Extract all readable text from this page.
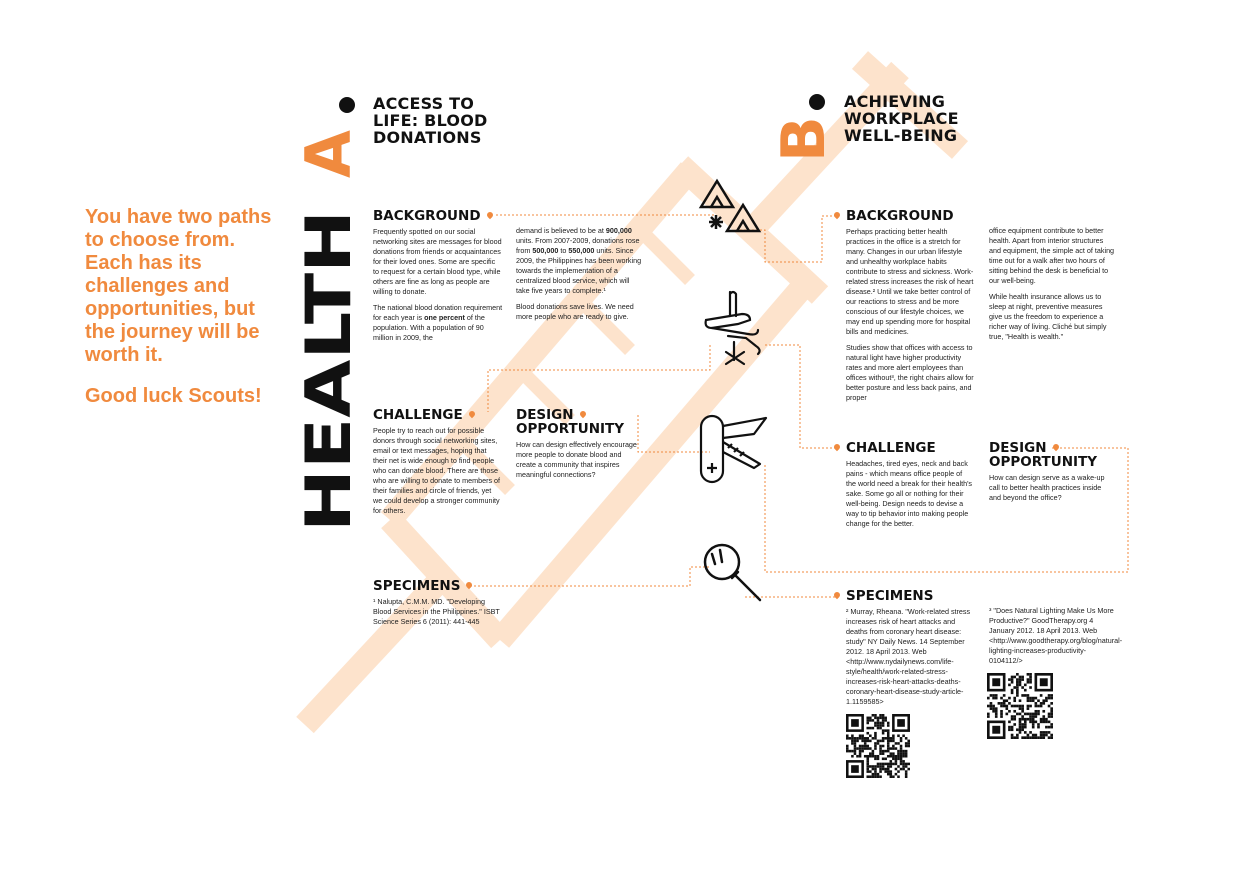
You have two paths to choose from. Each has its challenges and opportunities, but the journey will be worth it.

Good luck Scouts! HEALTH
A	B
ACCESS TO
LIFE: BLOOD
DONATIONS
ACHIEVING
WORKPLACE
WELL-BEING
BACKGROUND

Frequently spotted on our social networking sites are messages for blood donations from friends or acquaintances for their loved ones. Some are specific to request for a certain blood type, while others are fine as long as people are willing to donate.

The national blood donation requirement for each year is one percent of the population. With a population of 90 million in 2009, the

demand is believed to be at 900,000 units. From 2007-2009, donations rose from 500,000 to 550,000 units. Since 2009, the Philippines has been working towards the implementation of a centralized blood service, which will take five years to complete.¹

Blood donations save lives. We need more people who are ready to give.

CHALLENGE
People try to reach out for possible donors through social networking sites, email or text messages, hoping that their net is wide enough to find people who can donate blood. There are those who are willing to donate to members of their families and circle of friends, yet we could develop a stronger community for others.
DESIGN
OPPORTUNITY
How can design effectively encourage more people to donate blood and create a community that inspires meaningful connections?
SPECIMENS
¹ Nalupta, C.M.M. MD. "Developing Blood Services in the Philippines." ISBT Science Series 6 (2011): 441-445
BACKGROUND

Perhaps practicing better health practices in the office is a stretch for many. Changes in our urban lifestyle and unhealthy workplace habits contribute to stress and sickness. Work-related stress increases the risk of heart disease.² Until we take better control of our reactions to stress and be more conscious of our lifestyle choices, we may end up spending more for hospital bills and medicines.

Studies show that offices with access to natural light have higher productivity rates and more alert employees than offices without³, the right chairs allow for better posture and less back pains, and proper

office equipment contribute to better health. Apart from interior structures and equipment, the simple act of taking time out for a walk after two hours of sitting behind the desk is beneficial to our well-being.

While health insurance allows us to sleep at night, preventive measures give us the freedom to experience a richer way of living. Cliché but simply true, "Health is wealth."

CHALLENGE
Headaches, tired eyes, neck and back pains - which means office people of the world need a break for their health's sake. Some go all or nothing for their well-being. Design needs to devise a way to tip behavior into making people change for the better.
DESIGN
OPPORTUNITY
How can design serve as a wake-up call to better health practices inside and beyond the office?
SPECIMENS
² Murray, Rheana. "Work-related stress increases risk of heart attacks and deaths from coronary heart disease: study" NY Daily News. 14 September 2012. 18 April 2013. Web <http://www.nydailynews.com/life-style/health/work-related-stress-increases-risk-heart-attacks-deaths-coronary-heart-disease-study-article-1.1159585>
³ "Does Natural Lighting Make Us More Productive?" GoodTherapy.org 4 January 2012. 18 April 2013. Web <http://www.goodtherapy.org/blog/natural-lighting-increases-productivity-0104112/>
